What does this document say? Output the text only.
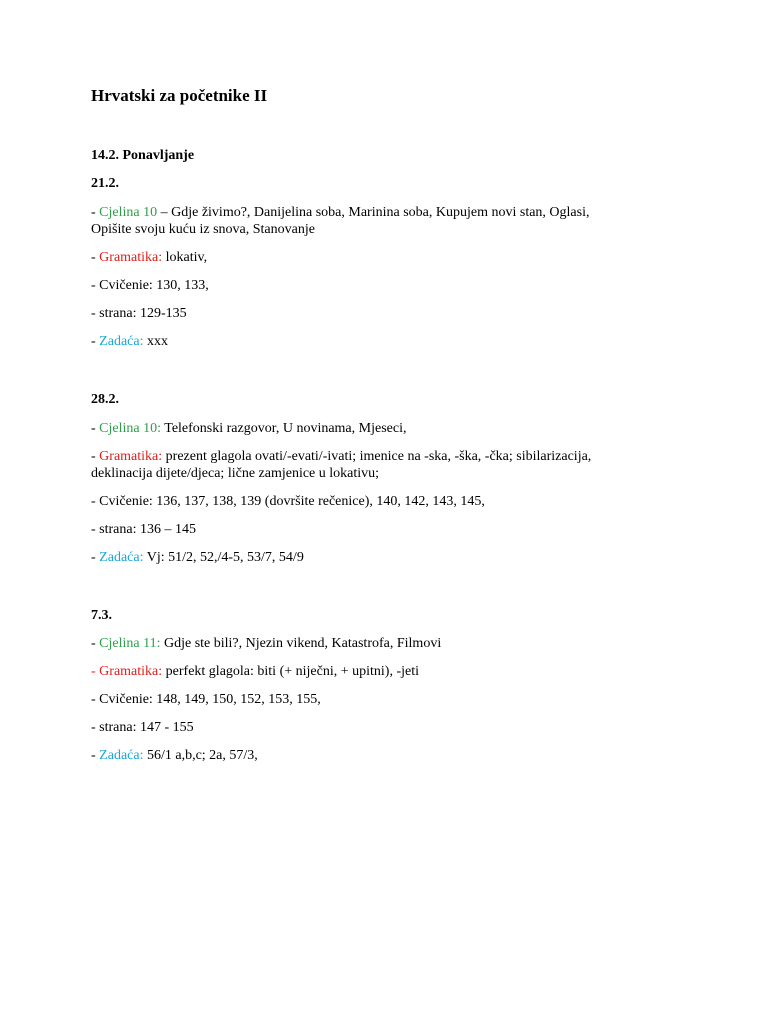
Hrvatski za početnike II
14.2. Ponavljanje
21.2.
- Cjelina 10 – Gdje živimo?, Danijelina soba, Marinina soba, Kupujem novi stan, Oglasi,
Opišite svoju kuću iz snova, Stanovanje
- Gramatika: lokativ,
- Cvičenie: 130, 133,
- strana: 129-135
- Zadaća: xxx
28.2.
- Cjelina 10: Telefonski razgovor, U novinama, Mjeseci,
- Gramatika: prezent glagola ovati/-evati/-ivati; imenice na -ska, -ška, -čka; sibilarizacija,
deklinacija dijete/djeca; lične zamjenice u lokativu;
- Cvičenie: 136, 137, 138, 139 (dovršite rečenice), 140, 142, 143, 145,
- strana: 136 – 145
- Zadaća: Vj: 51/2, 52,/4-5, 53/7, 54/9
7.3.
- Cjelina 11: Gdje ste bili?, Njezin vikend, Katastrofa, Filmovi
- Gramatika: perfekt glagola: biti (+ niječni, + upitni), -jeti
- Cvičenie: 148, 149, 150, 152, 153, 155,
- strana: 147 - 155
- Zadaća: 56/1 a,b,c; 2a, 57/3,
